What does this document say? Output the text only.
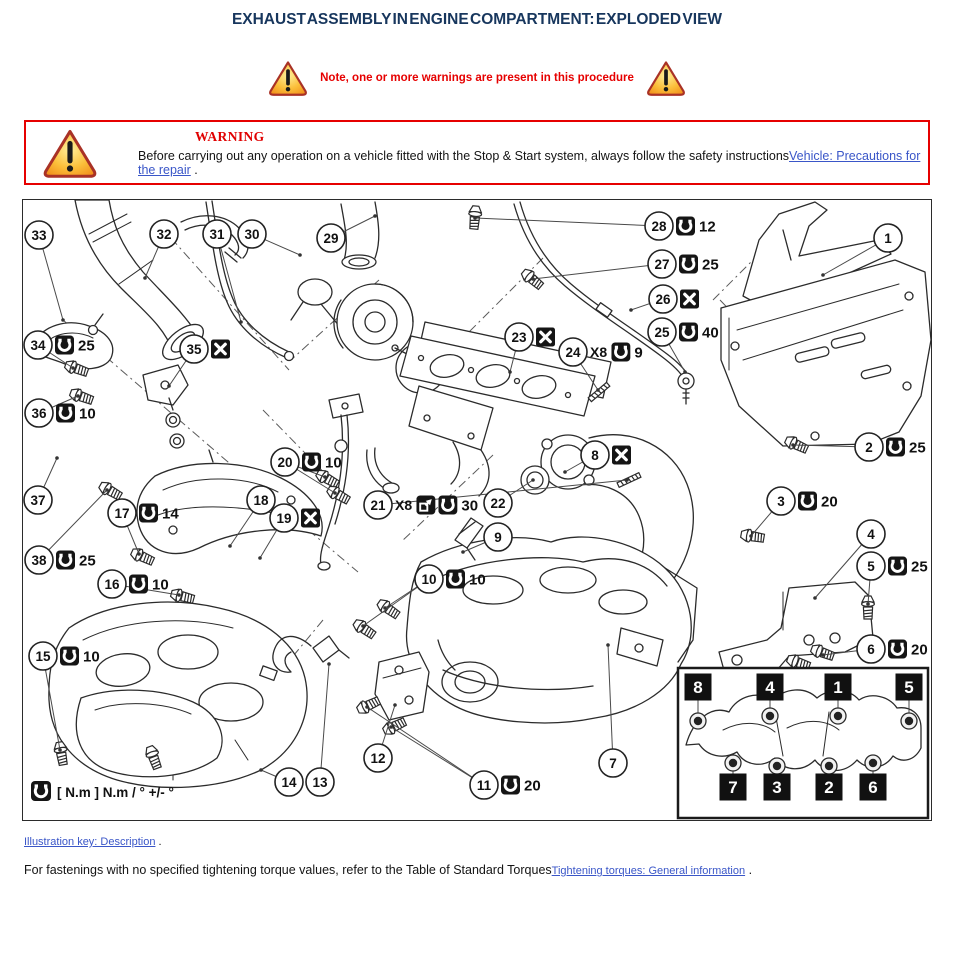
EXHAUST ASSEMBLY IN ENGINE COMPARTMENT: EXPLODED VIEW
Note, one or more warnings are present in this procedure
WARNING
Before carrying out any operation on a vehicle fitted with the Stop & Start system, always follow the safety instructionsVehicle: Precautions for the repair .
8	4	1	5
7 3	2 6
[ N.m ] N.m / ° +/- °
1
2 25
3 20
4
5 25
6 20
7
8
9
10 10
11 20
12
13
14
15 10
16 10
17 14
18
19
20 10
21 X8	30 22
23
24 X8 9
25 40
26
27 25
28 12
29
30
31
32
33
34 25	35
36 10
37
38 25
Illustration key: Description .
For fastenings with no specified tightening torque values, refer to the Table of Standard TorquesTightening torques: General information .
